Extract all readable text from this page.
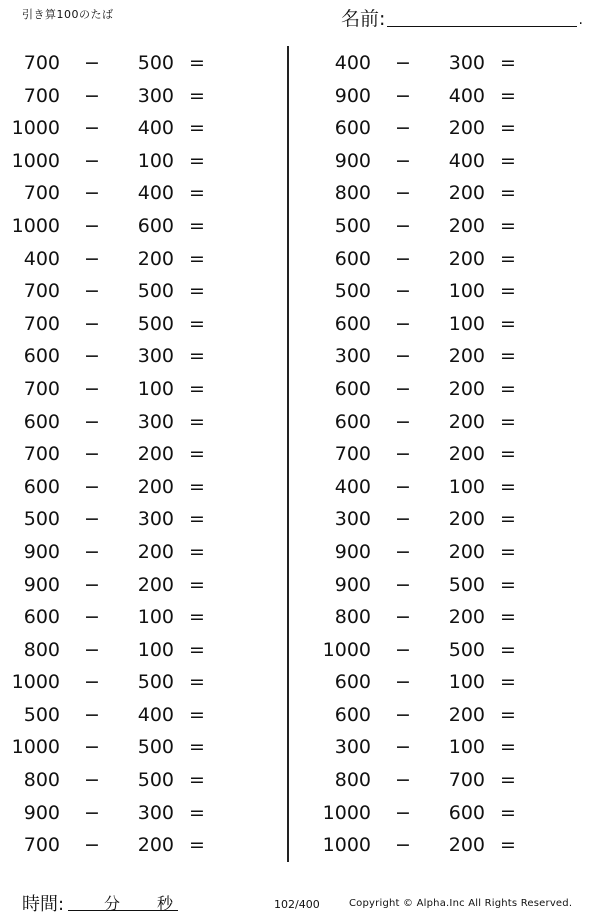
引き算100のたば	名前:	.
700 −	500 =
700 −	300 =
1000 −	400 =
1000 −	100 =
700 −	400 =
1000 −	600 =
400 −	200 =
700 −	500 =
700 −	500 =
600 −	300 =
700 −	100 =
600 −	300 =
700 −	200 =
600 −	200 =
500 −	300 =
900 −	200 =
900 −	200 =
600 −	100 =
800 −	100 =
1000 −	500 =
500 −	400 =
1000 −	500 =
800 −	500 =
900 −	300 =
700 −	200 =
400 −	300 =
900 −	400 =
600 −	200 =
900 −	400 =
800 −	200 =
500 −	200 =
600 −	200 =
500 −	100 =
600 −	100 =
300 −	200 =
600 −	200 =
600 −	200 =
700 −	200 =
400 −	100 =
300 −	200 =
900 −	200 =
900 −	500 =
800 −	200 =
1000 −	500 =
600 −	100 =
600 −	200 =
300 −	100 =
800 −	700 =
1000 −	600 =
1000 −	200 =
時間: 分 秒	102/400	Copyright © Alpha.Inc All Rights Reserved.
